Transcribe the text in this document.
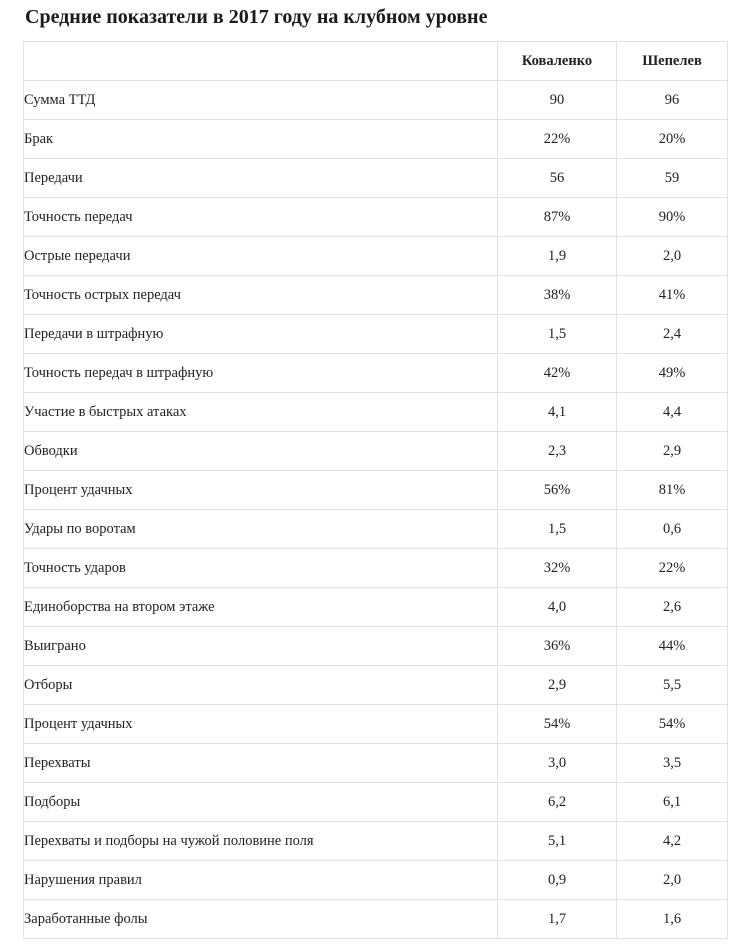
Средние показатели в 2017 году на клубном уровне
	Коваленко	Шепелев
Сумма ТТД	90	96
Брак	22%	20%
Передачи	56	59
Точность передач	87%	90%
Острые передачи	1,9	2,0
Точность острых передач	38%	41%
Передачи в штрафную	1,5	2,4
Точность передач в штрафную	42%	49%
Участие в быстрых атаках	4,1	4,4
Обводки	2,3	2,9
Процент удачных	56%	81%
Удары по воротам	1,5	0,6
Точность ударов	32%	22%
Единоборства на втором этаже	4,0	2,6
Выиграно	36%	44%
Отборы	2,9	5,5
Процент удачных	54%	54%
Перехваты	3,0	3,5
Подборы	6,2	6,1
Перехваты и подборы на чужой половине поля	5,1	4,2
Нарушения правил	0,9	2,0
Заработанные фолы	1,7	1,6
